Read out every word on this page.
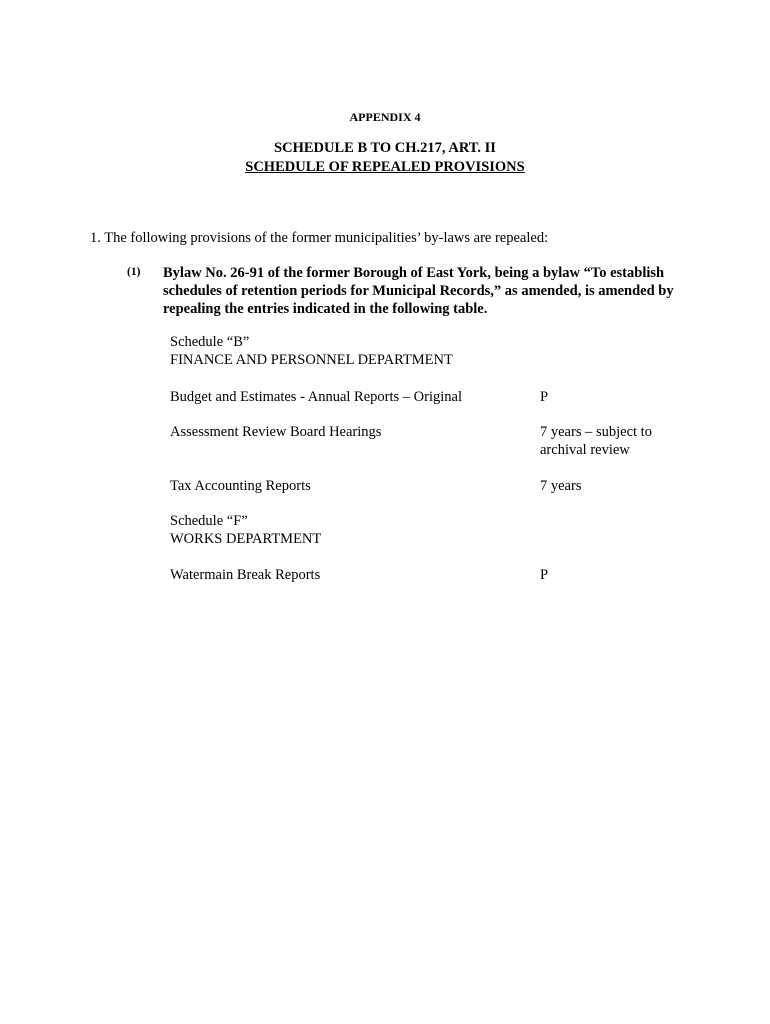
APPENDIX 4
SCHEDULE B TO CH.217, ART. II
SCHEDULE OF REPEALED PROVISIONS
1. The following provisions of the former municipalities’ by-laws are repealed:
(1) Bylaw No. 26-91 of the former Borough of East York, being a bylaw “To establish schedules of retention periods for Municipal Records,” as amended, is amended by repealing the entries indicated in the following table.
Schedule “B”
FINANCE AND PERSONNEL DEPARTMENT
Budget and Estimates - Annual Reports – Original	P
Assessment Review Board Hearings	7 years – subject to archival review
Tax Accounting Reports	7 years
Schedule “F”
WORKS DEPARTMENT
Watermain Break Reports	P
